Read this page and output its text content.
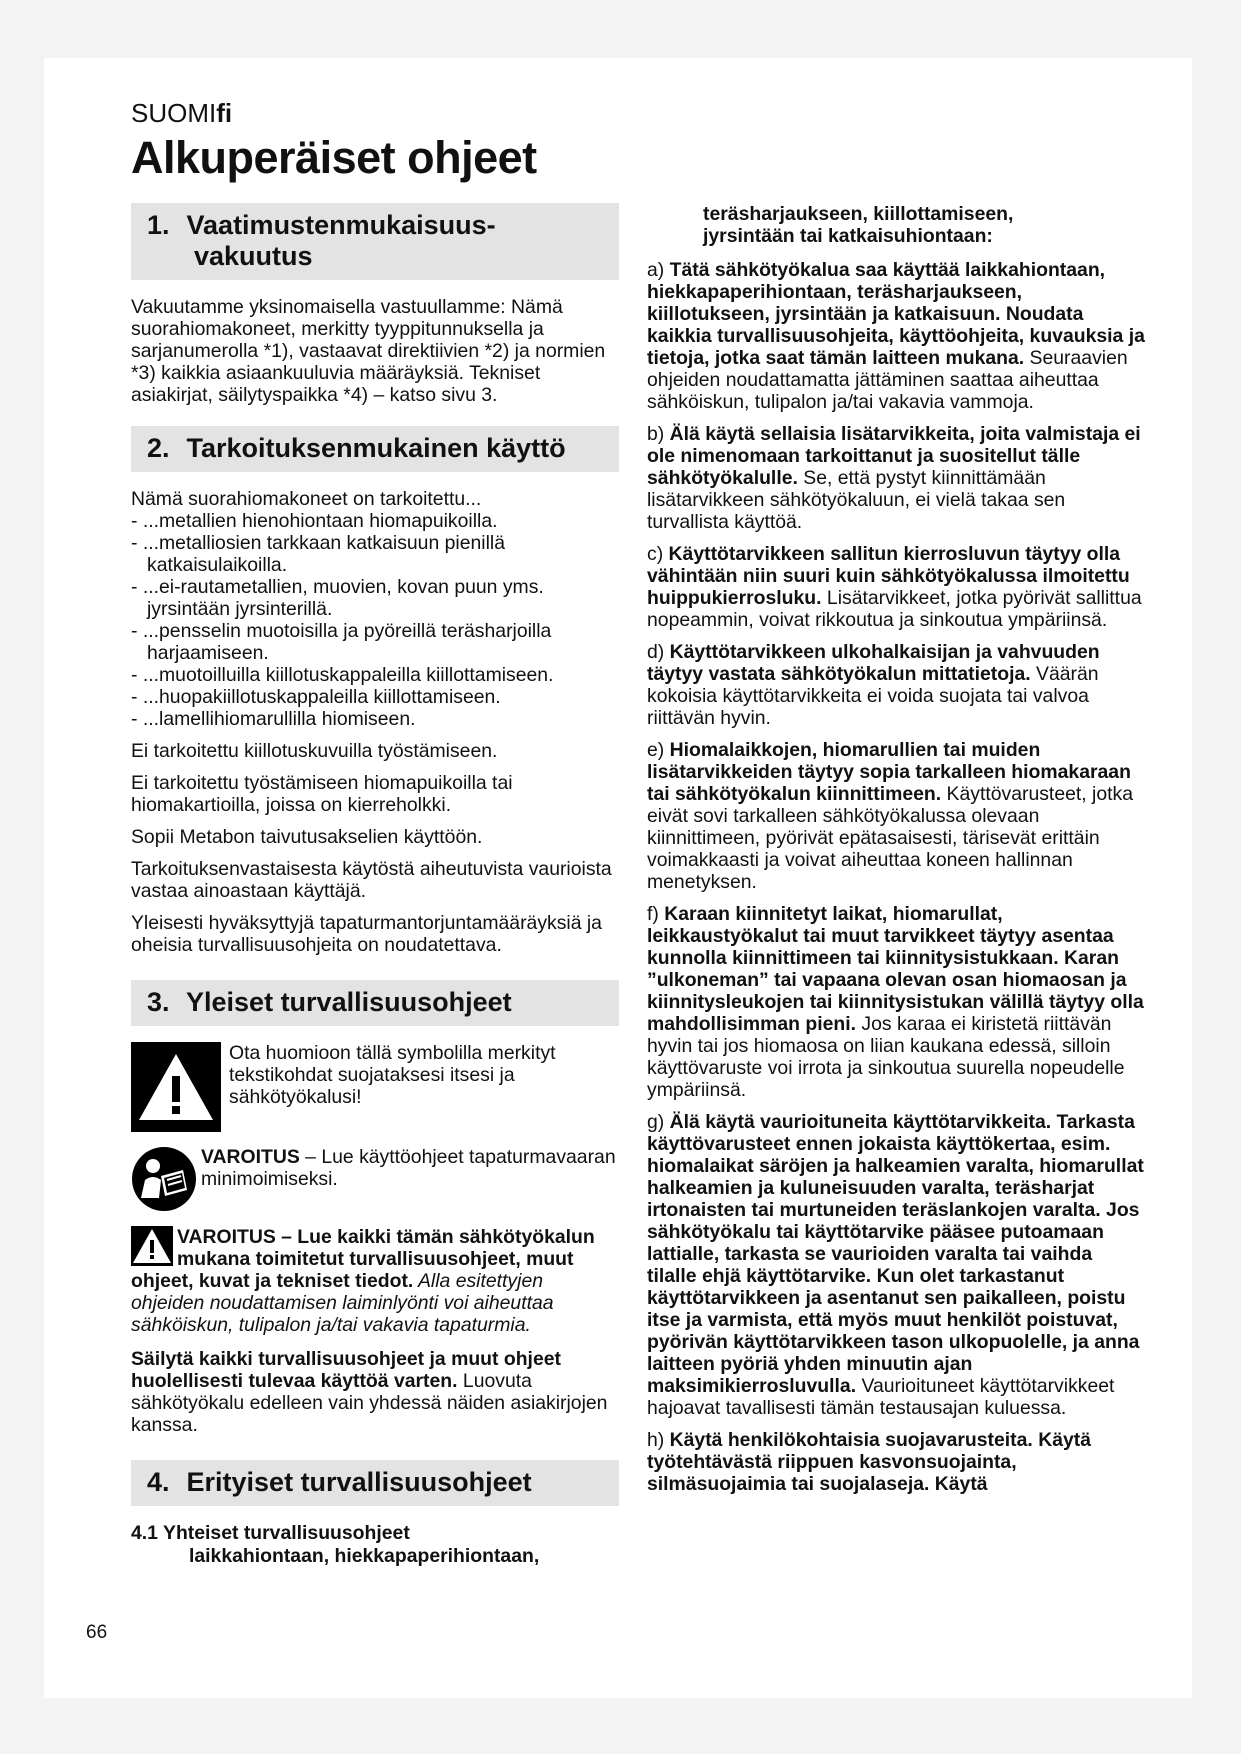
SUOMIfi
Alkuperäiset ohjeet
1. Vaatimustenmukaisuus-
vakuutus

Vakuutamme yksinomaisella vastuullamme: Nämä suorahiomakoneet, merkitty tyyppitunnuksella ja sarjanumerolla *1), vastaavat direktiivien *2) ja normien *3) kaikkia asiaankuuluvia määräyksiä. Tekniset asiakirjat, säilytyspaikka *4) – katso sivu 3.

2. Tarkoituksenmukainen käyttö

Nämä suorahiomakoneet on tarkoitettu...

- ...metallien hienohiontaan hiomapuikoilla.
- ...metalliosien tarkkaan katkaisuun pienillä katkaisulaikoilla.
- ...ei-rautametallien, muovien, kovan puun yms. jyrsintään jyrsinterillä.
- ...pensselin muotoisilla ja pyöreillä teräsharjoilla harjaamiseen.
- ...muotoilluilla kiillotuskappaleilla kiillottamiseen.
- ...huopakiillotuskappaleilla kiillottamiseen.
- ...lamellihiomarullilla hiomiseen.

Ei tarkoitettu kiillotuskuvuilla työstämiseen.

Ei tarkoitettu työstämiseen hiomapuikoilla tai hiomakartioilla, joissa on kierreholkki.

Sopii Metabon taivutusakselien käyttöön.

Tarkoituksenvastaisesta käytöstä aiheutuvista vaurioista vastaa ainoastaan käyttäjä.

Yleisesti hyväksyttyjä tapaturmantorjuntamääräyksiä ja oheisia turvallisuusohjeita on noudatettava.

3. Yleiset turvallisuusohjeet
Ota huomioon tällä symbolilla merkityt tekstikohdat suojataksesi itsesi ja sähkötyökalusi!
VAROITUS – Lue käyttöohjeet tapaturmavaaran minimoimiseksi.

VAROITUS – Lue kaikki tämän sähkötyökalun mukana toimitetut turvallisuusohjeet, muut ohjeet, kuvat ja tekniset tiedot. Alla esitettyjen ohjeiden noudattamisen laiminlyönti voi aiheuttaa sähköiskun, tulipalon ja/tai vakavia tapaturmia.

Säilytä kaikki turvallisuusohjeet ja muut ohjeet huolellisesti tulevaa käyttöä varten. Luovuta sähkötyökalu edelleen vain yhdessä näiden asiakirjojen kanssa.

4. Erityiset turvallisuusohjeet
4.1 Yhteiset turvallisuusohjeet
laikkahiontaan, hiekkapaperihiontaan,
teräsharjaukseen, kiillottamiseen,
jyrsintään tai katkaisuhiontaan:

a) Tätä sähkötyökalua saa käyttää laikkahiontaan, hiekkapaperihiontaan, teräsharjaukseen, kiillotukseen, jyrsintään ja katkaisuun. Noudata kaikkia turvallisuusohjeita, käyttöohjeita, kuvauksia ja tietoja, jotka saat tämän laitteen mukana. Seuraavien ohjeiden noudattamatta jättäminen saattaa aiheuttaa sähköiskun, tulipalon ja/tai vakavia vammoja.

b) Älä käytä sellaisia lisätarvikkeita, joita valmistaja ei ole nimenomaan tarkoittanut ja suositellut tälle sähkötyökalulle. Se, että pystyt kiinnittämään lisätarvikkeen sähkötyökaluun, ei vielä takaa sen turvallista käyttöä.

c) Käyttötarvikkeen sallitun kierrosluvun täytyy olla vähintään niin suuri kuin sähkötyökalussa ilmoitettu huippukierrosluku. Lisätarvikkeet, jotka pyörivät sallittua nopeammin, voivat rikkoutua ja sinkoutua ympäriinsä.

d) Käyttötarvikkeen ulkohalkaisijan ja vahvuuden täytyy vastata sähkötyökalun mittatietoja. Väärän kokoisia käyttötarvikkeita ei voida suojata tai valvoa riittävän hyvin.

e) Hiomalaikkojen, hiomarullien tai muiden lisätarvikkeiden täytyy sopia tarkalleen hiomakaraan tai sähkötyökalun kiinnittimeen. Käyttövarusteet, jotka eivät sovi tarkalleen sähkötyökalussa olevaan kiinnittimeen, pyörivät epätasaisesti, tärisevät erittäin voimakkaasti ja voivat aiheuttaa koneen hallinnan menetyksen.

f) Karaan kiinnitetyt laikat, hiomarullat, leikkaustyökalut tai muut tarvikkeet täytyy asentaa kunnolla kiinnittimeen tai kiinnitysistukkaan. Karan ”ulkoneman” tai vapaana olevan osan hiomaosan ja kiinnitysleukojen tai kiinnitysistukan välillä täytyy olla mahdollisimman pieni. Jos karaa ei kiristetä riittävän hyvin tai jos hiomaosa on liian kaukana edessä, silloin käyttövaruste voi irrota ja sinkoutua suurella nopeudelle ympäriinsä.

g) Älä käytä vaurioituneita käyttötarvikkeita. Tarkasta käyttövarusteet ennen jokaista käyttökertaa, esim. hiomalaikat säröjen ja halkeamien varalta, hiomarullat halkeamien ja kuluneisuuden varalta, teräsharjat irtonaisten tai murtuneiden teräslankojen varalta. Jos sähkötyökalu tai käyttötarvike pääsee putoamaan lattialle, tarkasta se vaurioiden varalta tai vaihda tilalle ehjä käyttötarvike. Kun olet tarkastanut käyttötarvikkeen ja asentanut sen paikalleen, poistu itse ja varmista, että myös muut henkilöt poistuvat, pyörivän käyttötarvikkeen tason ulkopuolelle, ja anna laitteen pyöriä yhden minuutin ajan maksimikierrosluvulla. Vaurioituneet käyttötarvikkeet hajoavat tavallisesti tämän testausajan kuluessa.

h) Käytä henkilökohtaisia suojavarusteita. Käytä työtehtävästä riippuen kasvonsuojainta, silmäsuojaimia tai suojalaseja. Käytä

66
